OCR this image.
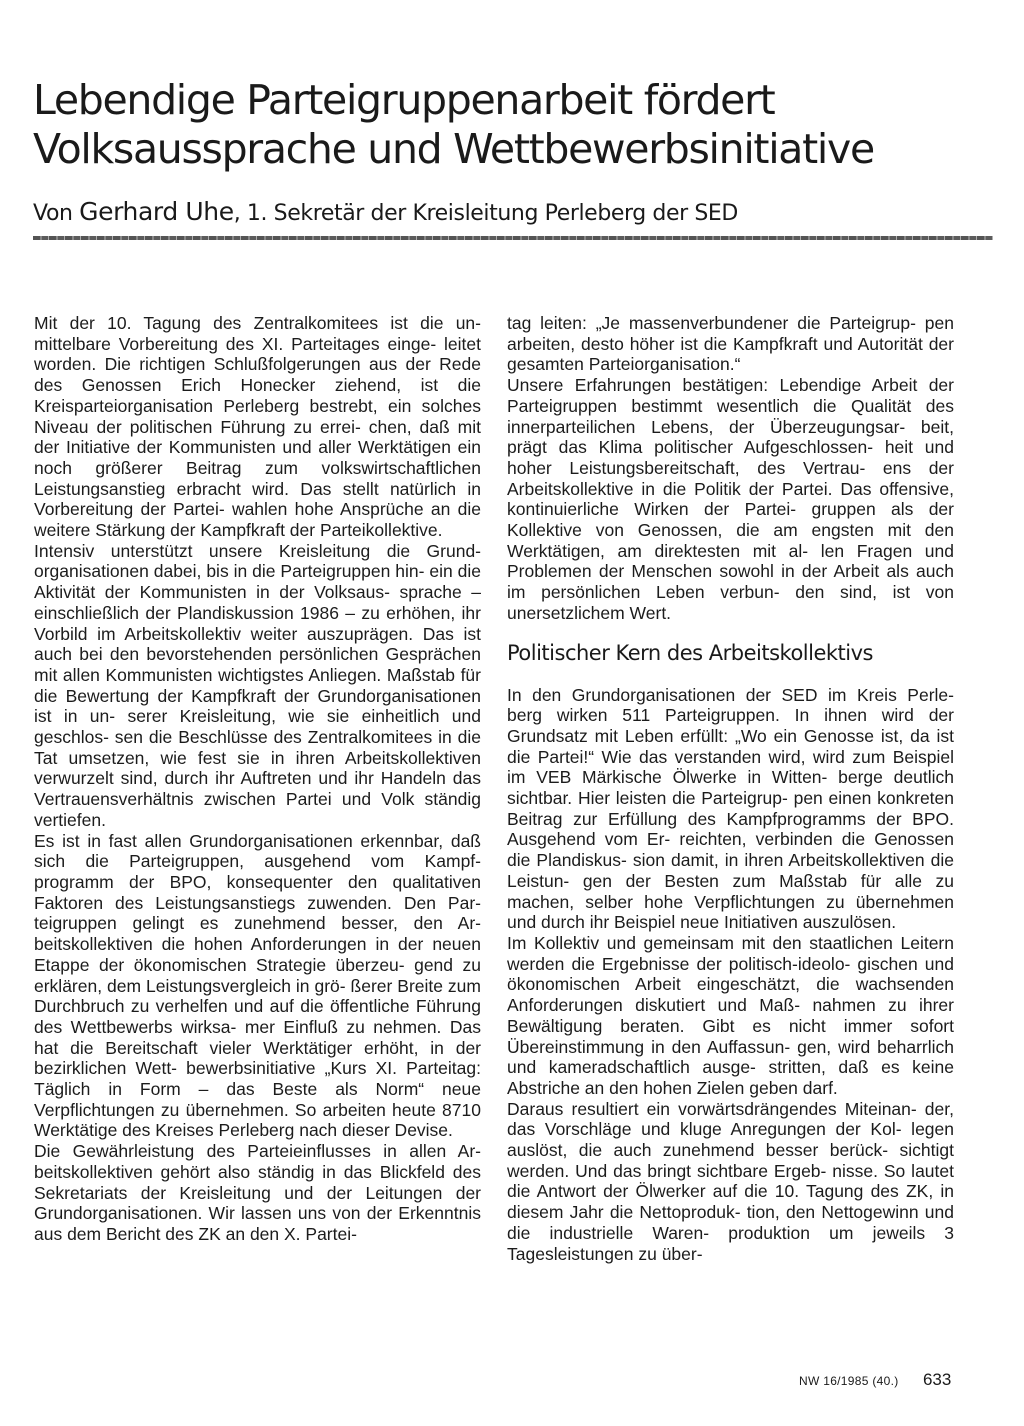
Lebendige Parteigruppenarbeit fördert
Volksaussprache und Wettbewerbsinitiative
Von Gerhard Uhe, 1. Sekretär der Kreisleitung Perleberg der SED

Mit der 10. Tagung des Zentralkomitees ist die un- mittelbare Vorbereitung des XI. Parteitages einge- leitet worden. Die richtigen Schlußfolgerungen aus der Rede des Genossen Erich Honecker ziehend, ist die Kreisparteiorganisation Perleberg bestrebt, ein solches Niveau der politischen Führung zu errei- chen, daß mit der Initiative der Kommunisten und aller Werktätigen ein noch größerer Beitrag zum volkswirtschaftlichen Leistungsanstieg erbracht wird. Das stellt natürlich in Vorbereitung der Partei- wahlen hohe Ansprüche an die weitere Stärkung der Kampfkraft der Parteikollektive.

Intensiv unterstützt unsere Kreisleitung die Grund- organisationen dabei, bis in die Parteigruppen hin- ein die Aktivität der Kommunisten in der Volksaus- sprache – einschließlich der Plandiskussion 1986 – zu erhöhen, ihr Vorbild im Arbeitskollektiv weiter auszuprägen. Das ist auch bei den bevorstehenden persönlichen Gesprächen mit allen Kommunisten wichtigstes Anliegen. Maßstab für die Bewertung der Kampfkraft der Grundorganisationen ist in un- serer Kreisleitung, wie sie einheitlich und geschlos- sen die Beschlüsse des Zentralkomitees in die Tat umsetzen, wie fest sie in ihren Arbeitskollektiven verwurzelt sind, durch ihr Auftreten und ihr Handeln das Vertrauensverhältnis zwischen Partei und Volk ständig vertiefen.

Es ist in fast allen Grundorganisationen erkennbar, daß sich die Parteigruppen, ausgehend vom Kampf- programm der BPO, konsequenter den qualitativen Faktoren des Leistungsanstiegs zuwenden. Den Par- teigruppen gelingt es zunehmend besser, den Ar- beitskollektiven die hohen Anforderungen in der neuen Etappe der ökonomischen Strategie überzeu- gend zu erklären, dem Leistungsvergleich in grö- ßerer Breite zum Durchbruch zu verhelfen und auf die öffentliche Führung des Wettbewerbs wirksa- mer Einfluß zu nehmen. Das hat die Bereitschaft vieler Werktätiger erhöht, in der bezirklichen Wett- bewerbsinitiative „Kurs XI. Parteitag: Täglich in Form – das Beste als Norm“ neue Verpflichtungen zu übernehmen. So arbeiten heute 8710 Werktätige des Kreises Perleberg nach dieser Devise.

Die Gewährleistung des Parteieinflusses in allen Ar- beitskollektiven gehört also ständig in das Blickfeld des Sekretariats der Kreisleitung und der Leitungen der Grundorganisationen. Wir lassen uns von der Erkenntnis aus dem Bericht des ZK an den X. Partei-

tag leiten: „Je massenverbundener die Parteigrup- pen arbeiten, desto höher ist die Kampfkraft und Autorität der gesamten Parteiorganisation.“

Unsere Erfahrungen bestätigen: Lebendige Arbeit der Parteigruppen bestimmt wesentlich die Qualität des innerparteilichen Lebens, der Überzeugungsar- beit, prägt das Klima politischer Aufgeschlossen- heit und hoher Leistungsbereitschaft, des Vertrau- ens der Arbeitskollektive in die Politik der Partei. Das offensive, kontinuierliche Wirken der Partei- gruppen als der Kollektive von Genossen, die am engsten mit den Werktätigen, am direktesten mit al- len Fragen und Problemen der Menschen sowohl in der Arbeit als auch im persönlichen Leben verbun- den sind, ist von unersetzlichem Wert.

Politischer Kern des Arbeitskollektivs

In den Grundorganisationen der SED im Kreis Perle- berg wirken 511 Parteigruppen. In ihnen wird der Grundsatz mit Leben erfüllt: „Wo ein Genosse ist, da ist die Partei!“ Wie das verstanden wird, wird zum Beispiel im VEB Märkische Ölwerke in Witten- berge deutlich sichtbar. Hier leisten die Parteigrup- pen einen konkreten Beitrag zur Erfüllung des Kampfprogramms der BPO. Ausgehend vom Er- reichten, verbinden die Genossen die Plandiskus- sion damit, in ihren Arbeitskollektiven die Leistun- gen der Besten zum Maßstab für alle zu machen, selber hohe Verpflichtungen zu übernehmen und durch ihr Beispiel neue Initiativen auszulösen.

Im Kollektiv und gemeinsam mit den staatlichen Leitern werden die Ergebnisse der politisch-ideolo- gischen und ökonomischen Arbeit eingeschätzt, die wachsenden Anforderungen diskutiert und Maß- nahmen zu ihrer Bewältigung beraten. Gibt es nicht immer sofort Übereinstimmung in den Auffassun- gen, wird beharrlich und kameradschaftlich ausge- stritten, daß es keine Abstriche an den hohen Zielen geben darf.

Daraus resultiert ein vorwärtsdrängendes Miteinan- der, das Vorschläge und kluge Anregungen der Kol- legen auslöst, die auch zunehmend besser berück- sichtigt werden. Und das bringt sichtbare Ergeb- nisse. So lautet die Antwort der Ölwerker auf die 10. Tagung des ZK, in diesem Jahr die Nettoproduk- tion, den Nettogewinn und die industrielle Waren- produktion um jeweils 3 Tagesleistungen zu über-

NW 16/1985 (40.) 633
